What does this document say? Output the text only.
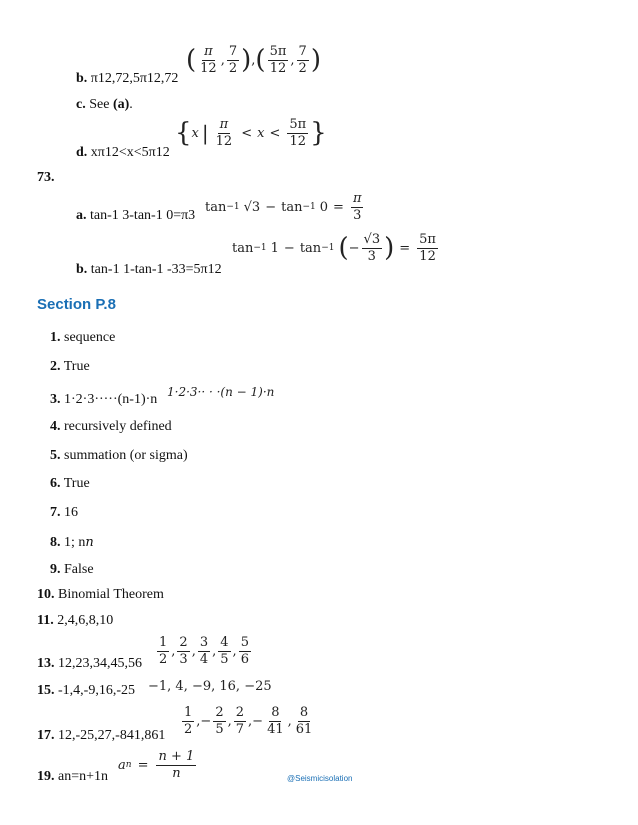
b. π12,72,5π12,72
( $\frac{\pi}{12}$ , $\frac{7}{2}$ ) , ( $\frac{5\pi}{12}$ , $\frac{7}{2}$ )
c. See (a).
d. xπ12<x<5π12
{ x | $\frac{\pi}{12} < x < \frac{5\pi}{12}$ }
73.
a. tan-1 3-tan-1 0=π3
tan −1 √3 − tan −1 $0 = \frac{\pi}{3}$
b. tan-1 1-tan-1 -33=5π12
tan −1 1 − tan −1 ( − $\frac{√3}{3}$ ) = $\frac{5\pi}{12}$
Section P.8
1. sequence
2. True
3. 1·2·3·····(n-1)·n 1·2·3·· · ·(n − 1)·n
4. recursively defined
5. summation (or sigma)
6. True
7. 16
8. 1; nn
9. False
10. Binomial Theorem
11. 2,4,6,8,10
13. $12,23,34,45,56 \frac{1}{2}$ , $\frac{2}{3}$ , $\frac{3}{4}$ , $\frac{4}{5}$ , $\frac{5}{6}$
15. -1,4,-9,16,-25 −1, 4, −9, 16, −25
17. $12,-25,27,-841,861 \frac{1}{2}$ , − $\frac{2}{5}$ , $\frac{2}{7}$ , − $\frac{8}{41}$ , $\frac{8}{61}$
19. an=n+1n
a $n = \frac{n + 1}{n}$	@Seismicisolation
